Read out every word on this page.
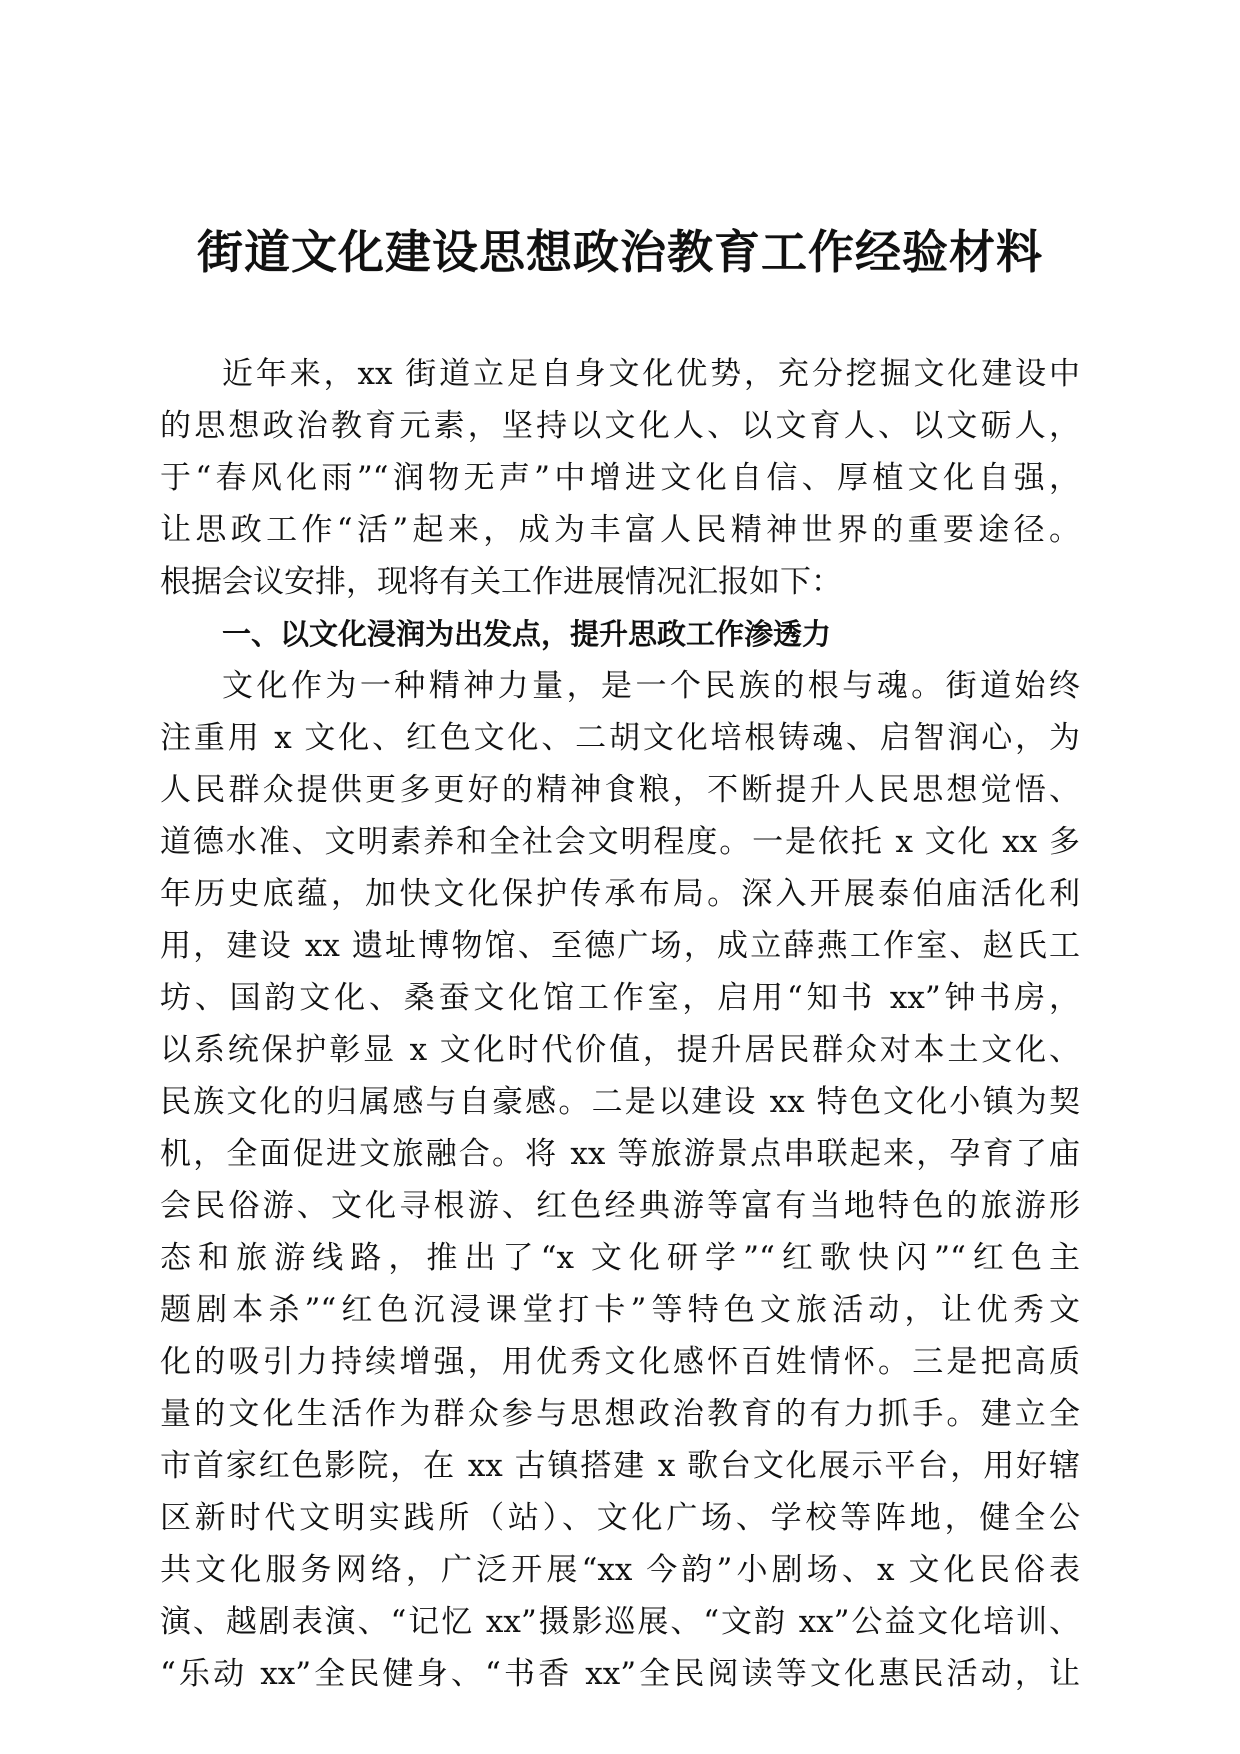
街道文化建设思想政治教育工作经验材料

近年来，xx 街道立足自身文化优势，充分挖掘文化建设中

的思想政治教育元素，坚持以文化人、以文育人、以文砺人，

于“春风化雨”“润物无声”中增进文化自信、厚植文化自强，

让思政工作“活”起来，成为丰富人民精神世界的重要途径。

根据会议安排，现将有关工作进展情况汇报如下：

一、以文化浸润为出发点，提升思政工作渗透力

文化作为一种精神力量，是一个民族的根与魂。街道始终

注重用 x 文化、红色文化、二胡文化培根铸魂、启智润心，为

人民群众提供更多更好的精神食粮，不断提升人民思想觉悟、

道德水准、文明素养和全社会文明程度。一是依托 x 文化 xx 多

年历史底蕴，加快文化保护传承布局。深入开展泰伯庙活化利

用，建设 xx 遗址博物馆、至德广场，成立薛燕工作室、赵氏工

坊、国韵文化、桑蚕文化馆工作室，启用“知书 xx”钟书房，

以系统保护彰显 x 文化时代价值，提升居民群众对本土文化、

民族文化的归属感与自豪感。二是以建设 xx 特色文化小镇为契

机，全面促进文旅融合。将 xx 等旅游景点串联起来，孕育了庙

会民俗游、文化寻根游、红色经典游等富有当地特色的旅游形

态和旅游线路，推出了“x 文化研学”“红歌快闪”“红色主

题剧本杀”“红色沉浸课堂打卡”等特色文旅活动，让优秀文

化的吸引力持续增强，用优秀文化感怀百姓情怀。三是把高质

量的文化生活作为群众参与思想政治教育的有力抓手。建立全

市首家红色影院，在 xx 古镇搭建 x 歌台文化展示平台，用好辖

区新时代文明实践所（站）、文化广场、学校等阵地，健全公

共文化服务网络，广泛开展“xx 今韵”小剧场、x 文化民俗表

演、越剧表演、“记忆 xx”摄影巡展、“文韵 xx”公益文化培训、

“乐动 xx”全民健身、“书香 xx”全民阅读等文化惠民活动，让
